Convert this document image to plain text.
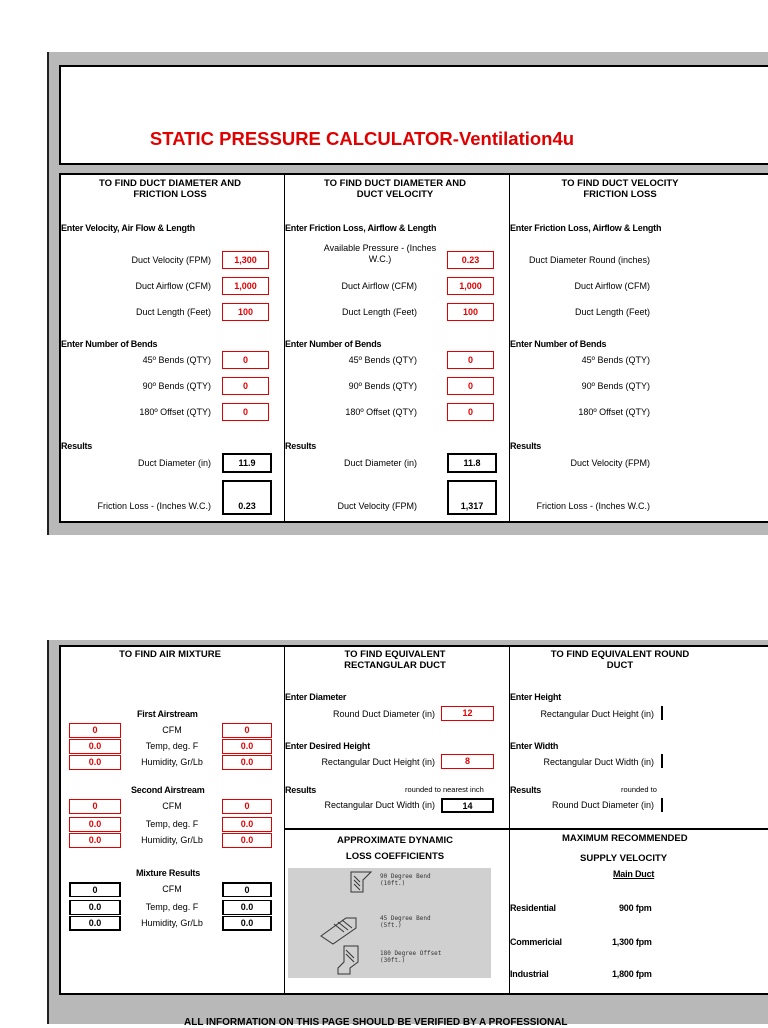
STATIC PRESSURE CALCULATOR-Ventilation4u
TO FIND DUCT DIAMETER AND FRICTION LOSS
Enter Velocity, Air Flow & Length
Duct Velocity (FPM)	1,300
Duct Airflow (CFM)	1,000
Duct Length (Feet)	100
Enter Number of Bends
45º Bends (QTY)	0
90º Bends (QTY)	0
180º Offset (QTY)	0
Results
Duct Diameter (in)	11.9
Friction Loss - (Inches W.C.)	0.23
TO FIND DUCT DIAMETER AND DUCT VELOCITY
Enter Friction Loss, Airflow & Length
Available Pressure - (Inches W.C.)	0.23
Duct Airflow (CFM)	1,000
Duct Length (Feet)	100
Enter Number of Bends
45º Bends (QTY)	0
90º Bends (QTY)	0
180º Offset (QTY)	0
Results
Duct Diameter (in)	11.8
Duct Velocity (FPM)	1,317
TO FIND DUCT VELOCITY FRICTION LOSS
Enter Friction Loss, Airflow & Length
Duct Diameter Round (inches)
Duct Airflow (CFM)
Duct Length (Feet)
Enter Number of Bends
45º Bends (QTY)
90º Bends (QTY)
180º Offset (QTY)
Results
Duct Velocity (FPM)
Friction Loss - (Inches W.C.)
TO FIND AIR MIXTURE
First Airstream
0	CFM	0
0.0	Temp, deg. F	0.0
0.0	Humidity, Gr/Lb	0.0
Second Airstream
0	CFM	0
0.0	Temp, deg. F	0.0
0.0	Humidity, Gr/Lb	0.0
Mixture Results
0	CFM	0
0.0	Temp, deg. F	0.0
0.0	Humidity, Gr/Lb	0.0
TO FIND EQUIVALENT RECTANGULAR DUCT
Enter Diameter
Round Duct Diameter (in)	12
Enter Desired Height
Rectangular Duct Height (in)	8
Results	rounded to nearest inch
Rectangular Duct Width (in)	14
TO FIND EQUIVALENT ROUND DUCT
Enter Height
Rectangular Duct Height (in)
Enter Width
Rectangular Duct Width (in)
Results	rounded to
Round Duct Diameter (in)
APPROXIMATE DYNAMIC
LOSS COEFFICIENTS
90 Degree Bend
(10ft.)
45 Degree Bend
(5ft.)
180 Degree Offset
(30ft.)
MAXIMUM RECOMMENDED
SUPPLY VELOCITY
Main Duct
Residential	900 fpm
Commericial	1,300 fpm
Industrial	1,800 fpm
ALL INFORMATION ON THIS PAGE SHOULD BE VERIFIED BY A PROFESSIONAL
